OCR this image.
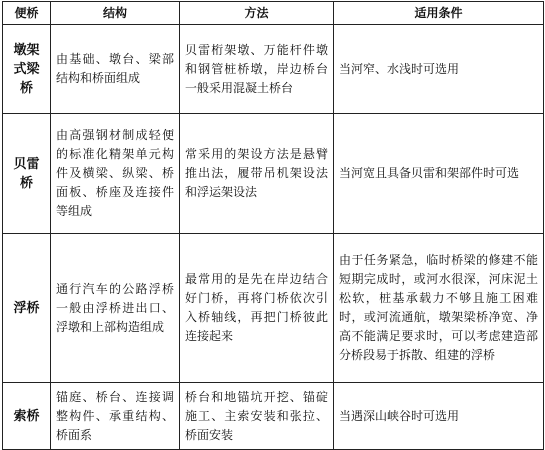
便桥	结构	方法	适用条件
墩架式梁桥	由基础、墩台、梁部结构和桥面组成	贝雷桁架墩、万能杆件墩和钢管桩桥墩，岸边桥台一般采用混凝土桥台	当河窄、水浅时可选用
贝雷桥	由高强钢材制成轻便的标准化精架单元构件及横梁、纵梁、桥面板、桥座及连接件等组成	常采用的架设方法是悬臂推出法，履带吊机架设法和浮运架设法	当河宽且具备贝雷和架部件时可选
浮桥	通行汽车的公路浮桥一般由浮桥进出口、浮墩和上部构造组成	最常用的是先在岸边结合好门桥，再将门桥依次引入桥轴线，再把门桥彼此连接起来	由于任务紧急，临时桥梁的修建不能短期完成时，或河水很深，河床泥土松软，桩基承载力不够且施工困难时，或河流通航，墩架梁桥净宽、净高不能满足要求时，可以考虑建造部分桥段易于拆散、组建的浮桥
索桥	锚庭、桥台、连接调整构件、承重结构、桥面系	桥台和地锚坑开挖、锚碇施工、主索安装和张拉、桥面安装	当遇深山峡谷时可选用
